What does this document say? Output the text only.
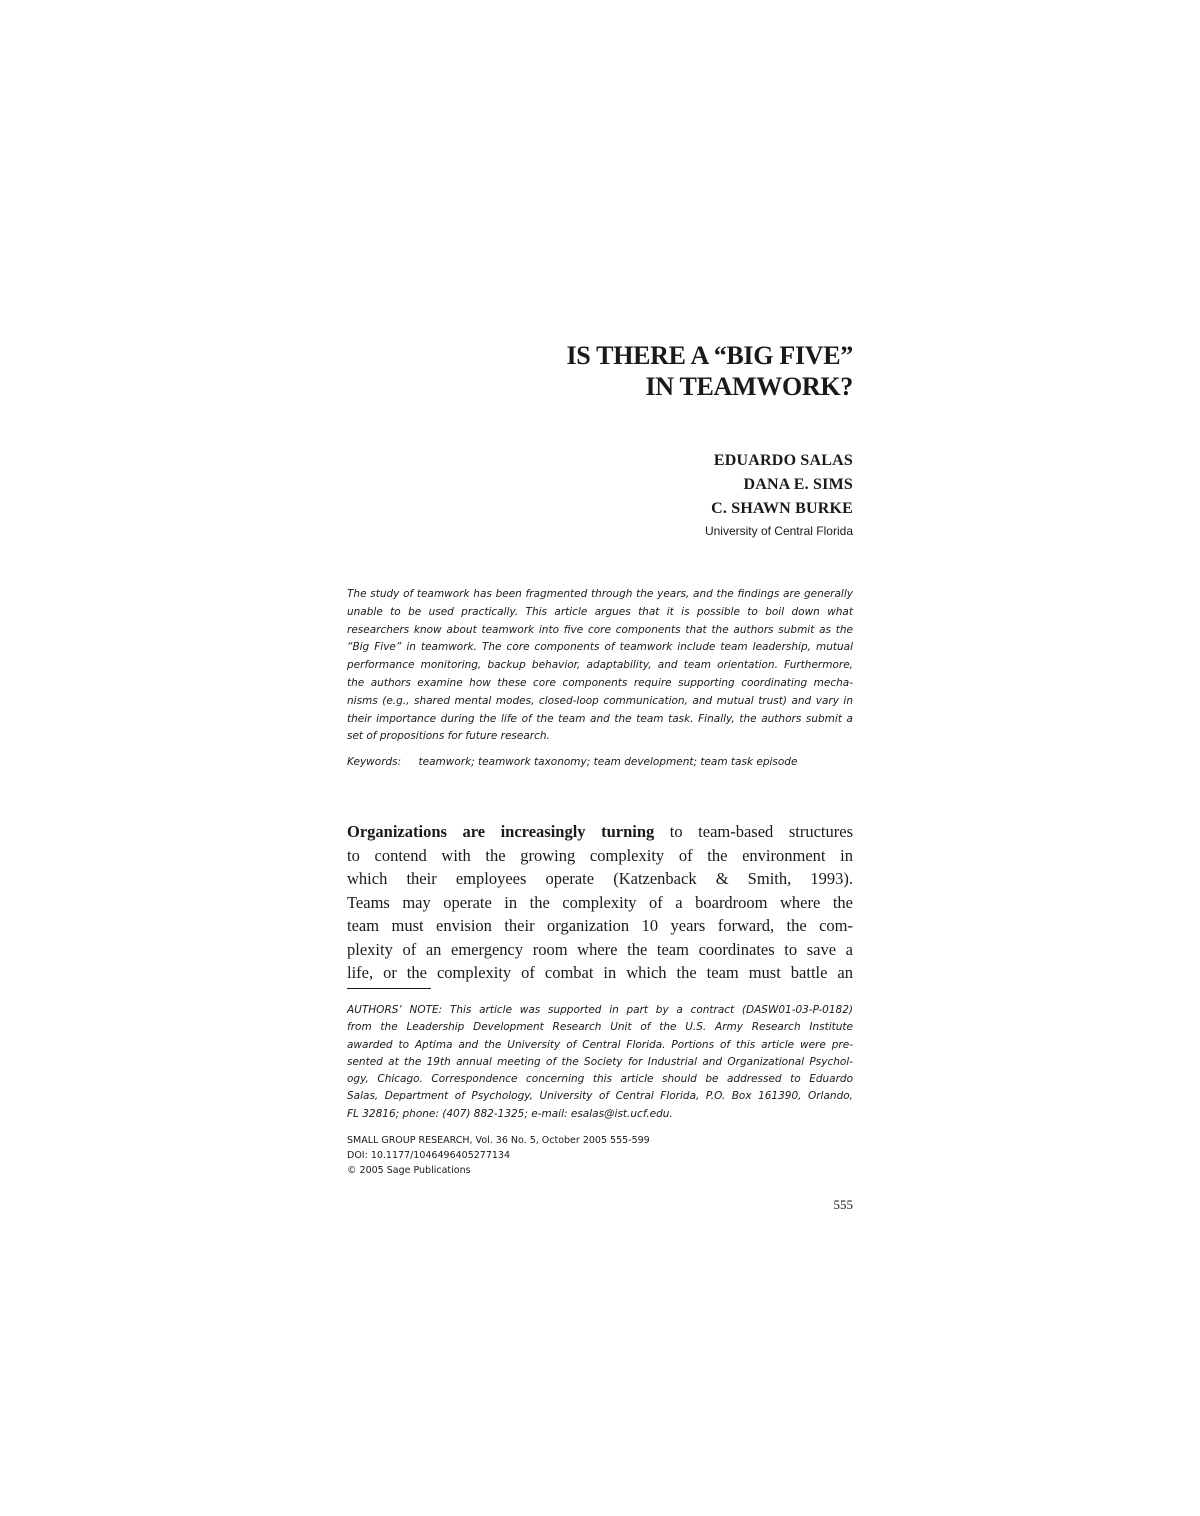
IS THERE A “BIG FIVE”
IN TEAMWORK?
EDUARDO SALAS
DANA E. SIMS
C. SHAWN BURKE
University of Central Florida
The study of teamwork has been fragmented through the years, and the findings are generally
unable to be used practically. This article argues that it is possible to boil down what
researchers know about teamwork into five core components that the authors submit as the
“Big Five” in teamwork. The core components of teamwork include team leadership, mutual
performance monitoring, backup behavior, adaptability, and team orientation. Furthermore,
the authors examine how these core components require supporting coordinating mecha-
nisms (e.g., shared mental modes, closed-loop communication, and mutual trust) and vary in
their importance during the life of the team and the team task. Finally, the authors submit a
set of propositions for future research.
Keywords: teamwork; teamwork taxonomy; team development; team task episode
Organizations are increasingly turning to team-based structures
to contend with the growing complexity of the environment in
which their employees operate (Katzenback & Smith, 1993).
Teams may operate in the complexity of a boardroom where the
team must envision their organization 10 years forward, the com-
plexity of an emergency room where the team coordinates to save a
life, or the complexity of combat in which the team must battle an
AUTHORS’ NOTE: This article was supported in part by a contract (DASW01-03-P-0182)
from the Leadership Development Research Unit of the U.S. Army Research Institute
awarded to Aptima and the University of Central Florida. Portions of this article were pre-
sented at the 19th annual meeting of the Society for Industrial and Organizational Psychol-
ogy, Chicago. Correspondence concerning this article should be addressed to Eduardo
Salas, Department of Psychology, University of Central Florida, P.O. Box 161390, Orlando,
FL 32816; phone: (407) 882-1325; e-mail: esalas@ist.ucf.edu.
SMALL GROUP RESEARCH, Vol. 36 No. 5, October 2005 555-599
DOI: 10.1177/1046496405277134
© 2005 Sage Publications
555
